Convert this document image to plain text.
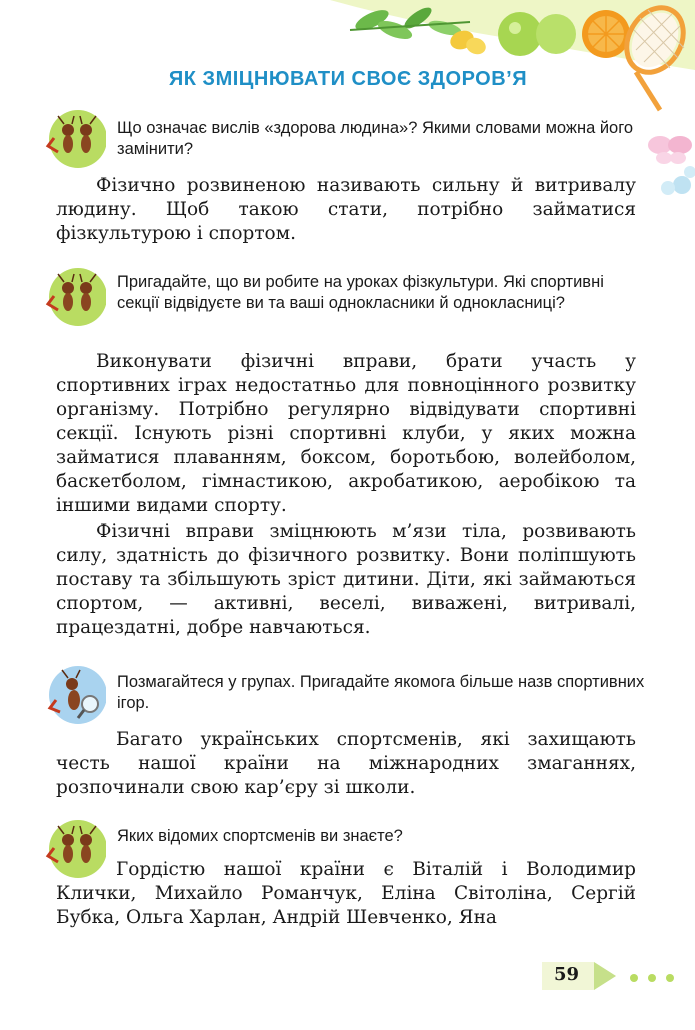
ЯК ЗМІЦНЮВАТИ СВОЄ ЗДОРОВ’Я
Що означає вислів «здорова людина»? Якими словами можна його замінити?
Фізично розвиненою називають сильну й витривалу людину. Щоб такою стати, потрібно займатися фізкультурою і спортом.
Пригадайте, що ви робите на уроках фізкультури. Які спортивні секції відвідуєте ви та ваші однокласники й однокласниці?
Виконувати фізичні вправи, брати участь у спортивних іграх недостатньо для повноцінного розвитку організму. Потрібно регулярно відвідувати спортивні секції. Існують різні спортивні клуби, у яких можна займатися плаванням, боксом, боротьбою, волейболом, баскетболом, гімнастикою, акробатикою, аеробікою та іншими видами спорту.
Фізичні вправи зміцнюють м’язи тіла, розвивають силу, здатність до фізичного розвитку. Вони поліпшують поставу та збільшують зріст дитини. Діти, які займаються спортом, — активні, веселі, виважені, витривалі, працездатні, добре навчаються.
Позмагайтеся у групах. Пригадайте якомога більше назв спортивних ігор.
Багато українських спортсменів, які захищають честь нашої країни на міжнародних змаганнях, розпочинали свою кар’єру зі школи.
Яких відомих спортсменів ви знаєте?
Гордістю нашої країни є Віталій і Володимир Клички, Михайло Романчук, Еліна Світоліна, Сергій Бубка, Ольга Харлан, Андрій Шевченко, Яна
59
